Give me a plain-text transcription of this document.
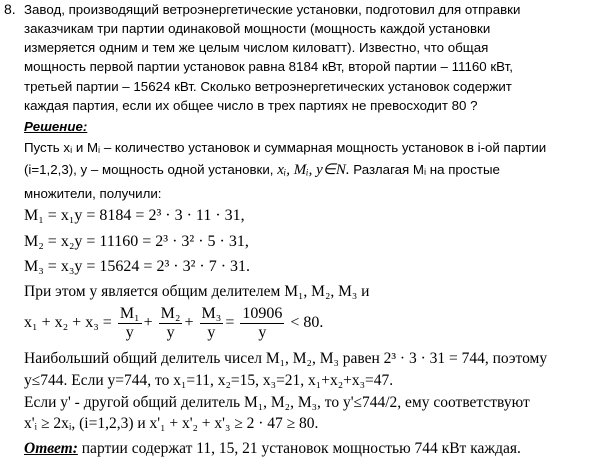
8. Завод, производящий ветроэнергетические установки, подготовил для отправки
заказчикам три партии одинаковой мощности (мощность каждой установки
измеряется одним и тем же целым числом киловатт). Известно, что общая
мощность первой партии установок равна 8184 кВт, второй партии – 11160 кВт,
третьей партии – 15624 кВт. Сколько ветроэнергетических установок содержит
каждая партия, если их общее число в трех партиях не превосходит 80 ?
Решение:
Пусть xᵢ и Mᵢ – количество установок и суммарная мощность установок в i-ой партии
(i=1,2,3), y – мощность одной установки, xᵢ, Mᵢ, y∈N. Разлагая Mᵢ на простые
множители, получили:
M₁ = x₁y = 8184 = 2³ · 3 · 11 · 31,
M₂ = x₂y = 11160 = 2³ · 3² · 5 · 31,
M₃ = x₃y = 15624 = 2³ · 3² · 7 · 31.
При этом y является общим делителем M₁, M₂, M₃ и
$x_1 + x_2 + x_3 = \frac{\text{M₁}}{y} + \frac{\text{M₂}}{y} + \frac{\text{M₃}}{y} = \frac{10906}{y} < 80$.
Наибольший общий делитель чисел M₁, M₂, M₃ равен 2³ · 3 · 31 = 744, поэтому
y≤744. Если y=744, то x₁=11, x₂=15, x₃=21, x₁+x₂+x₃=47.
Если y' - другой общий делитель M₁, M₂, M₃, то y'≤744/2, ему соответствуют
x'ᵢ ≥ 2xᵢ, (i=1,2,3) и x'₁ + x'₂ + x'₃ ≥ 2 · 47 ≥ 80.
Ответ: партии содержат 11, 15, 21 установок мощностью 744 кВт каждая.
